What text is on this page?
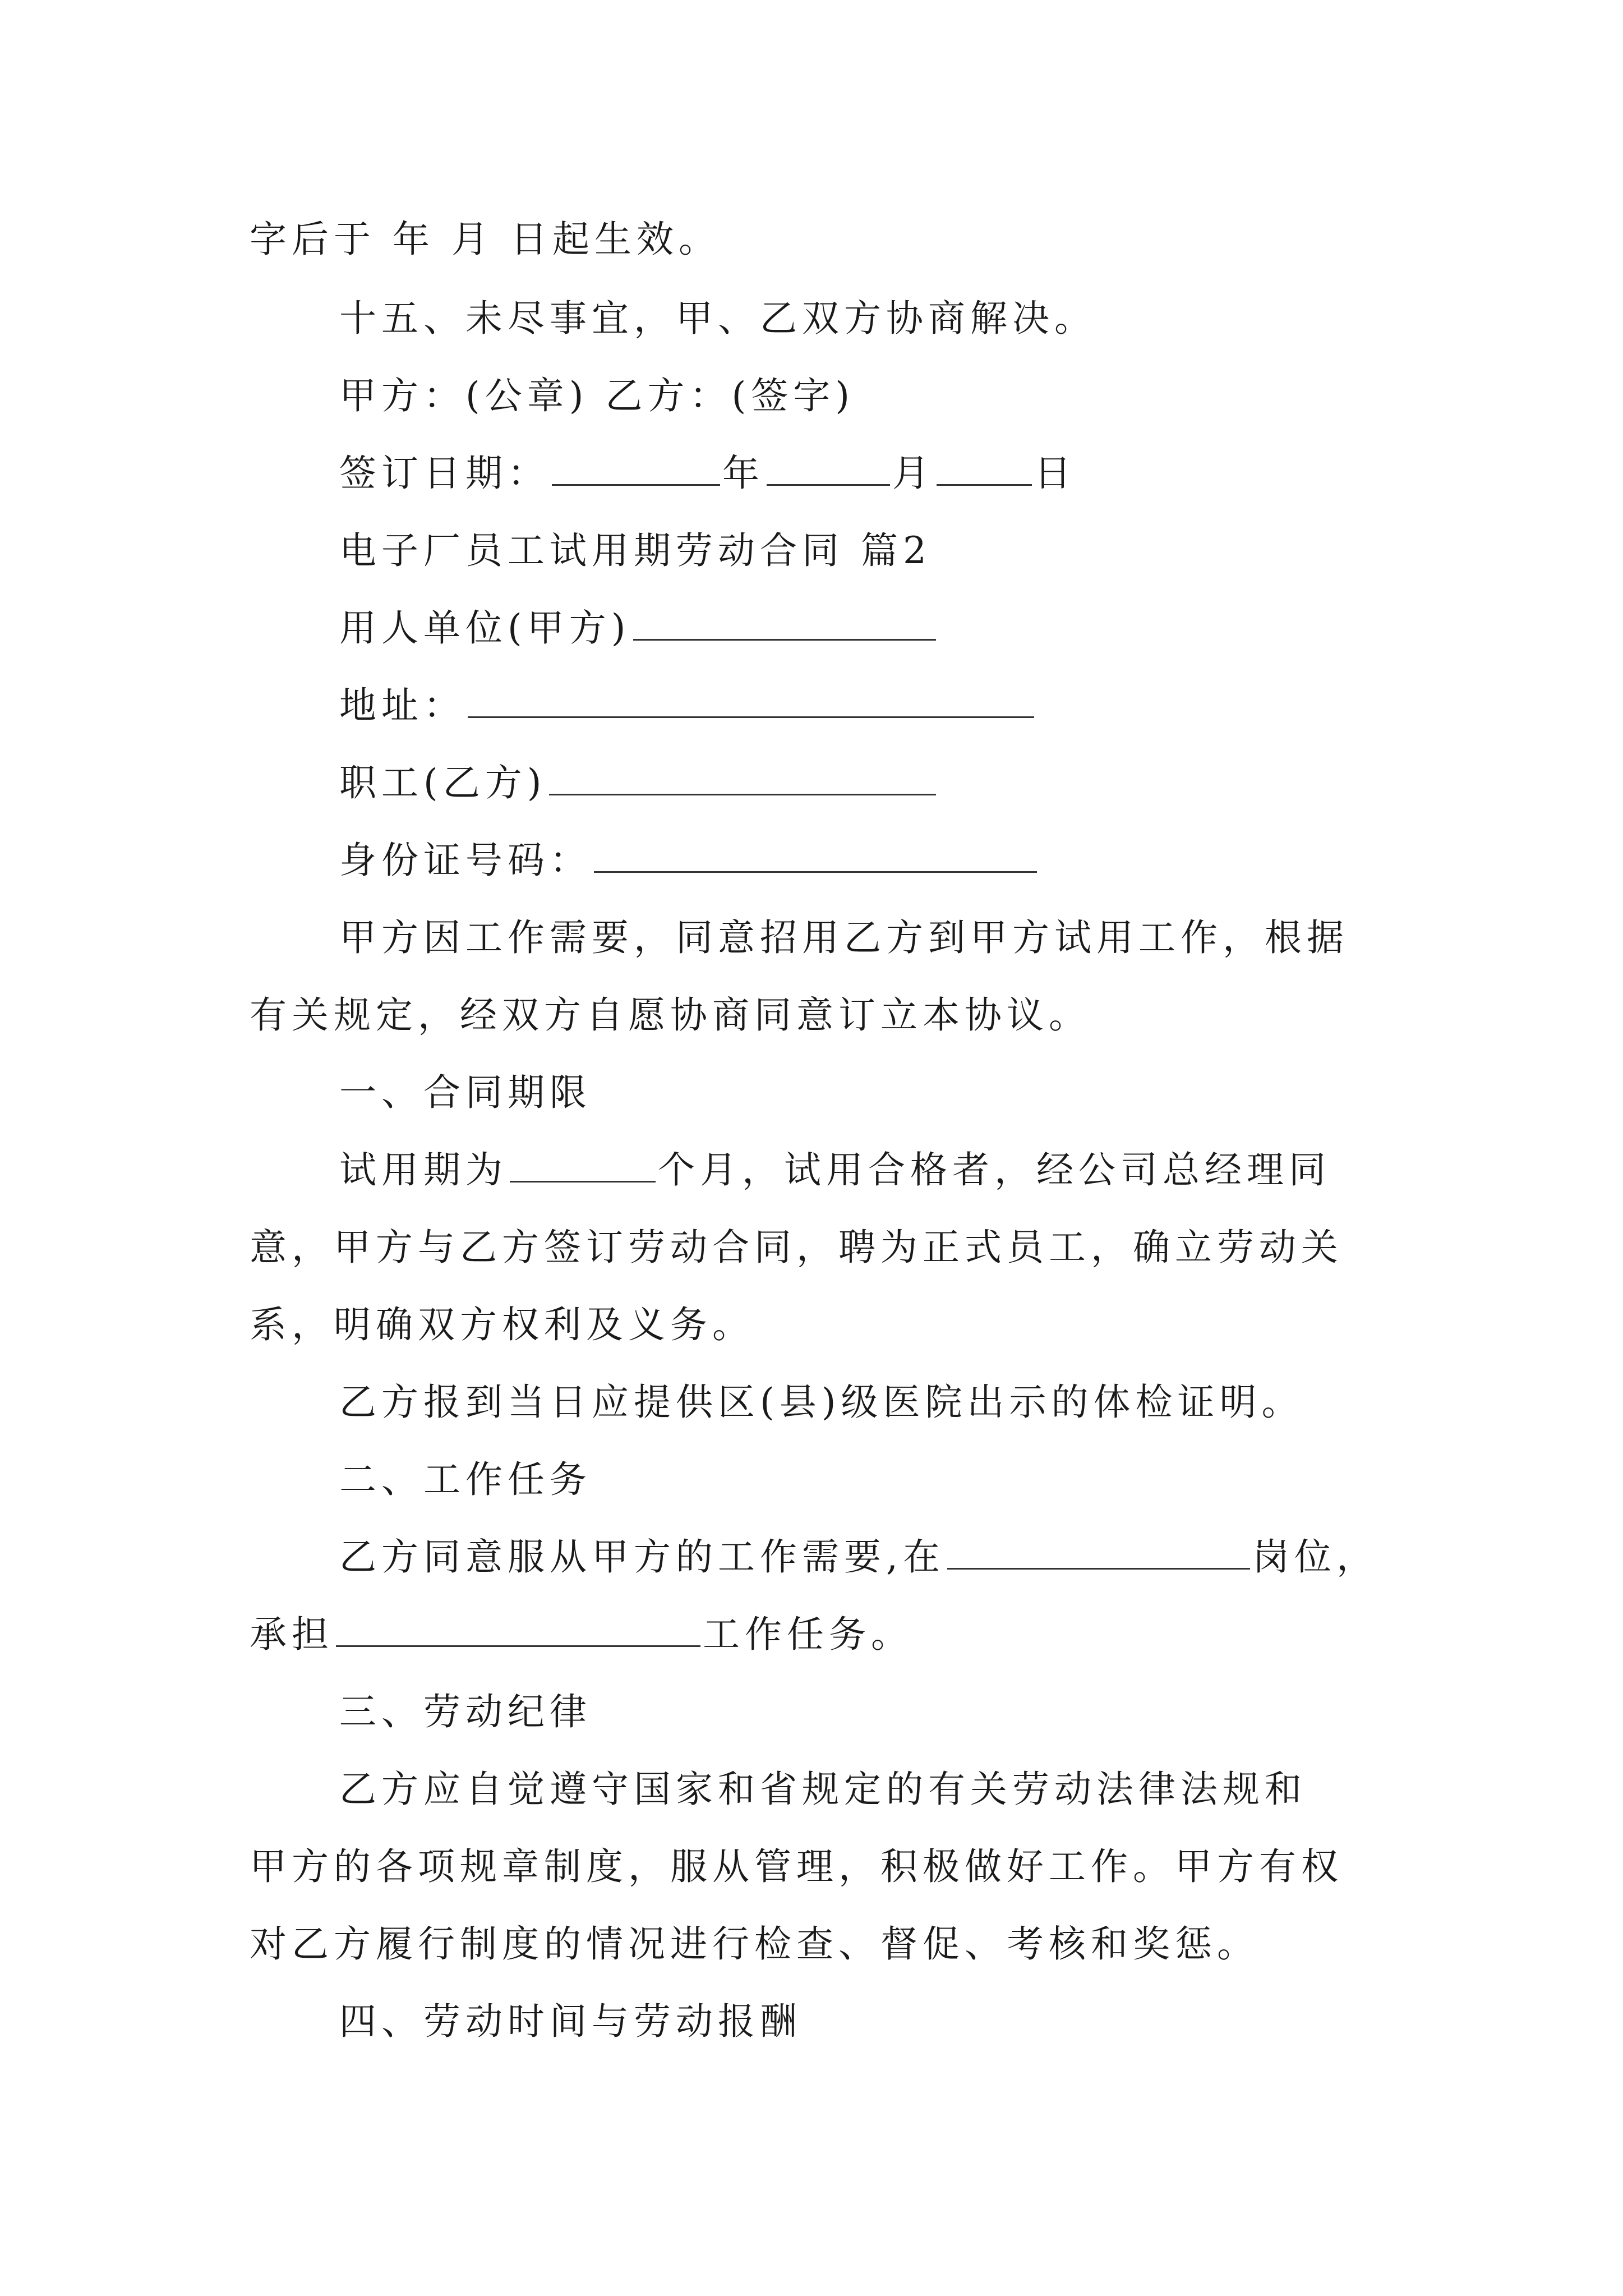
字后于 年 月 日起生效。
十五、未尽事宜，甲、乙双方协商解决。
甲方：(公章) 乙方：(签字)
签订日期：	年	月	日
电子厂员工试用期劳动合同 篇2
用人单位(甲方)
地址：
职工(乙方)
身份证号码：
甲方因工作需要，同意招用乙方到甲方试用工作，根据
有关规定，经双方自愿协商同意订立本协议。
一、合同期限
试用期为	个月，试用合格者，经公司总经理同
意，甲方与乙方签订劳动合同，聘为正式员工，确立劳动关
系，明确双方权利及义务。
乙方报到当日应提供区(县)级医院出示的体检证明。
二、工作任务
乙方同意服从甲方的工作需要,在	岗位，
承担	工作任务。
三、劳动纪律
乙方应自觉遵守国家和省规定的有关劳动法律法规和
甲方的各项规章制度，服从管理，积极做好工作。甲方有权
对乙方履行制度的情况进行检查、督促、考核和奖惩。
四、劳动时间与劳动报酬
